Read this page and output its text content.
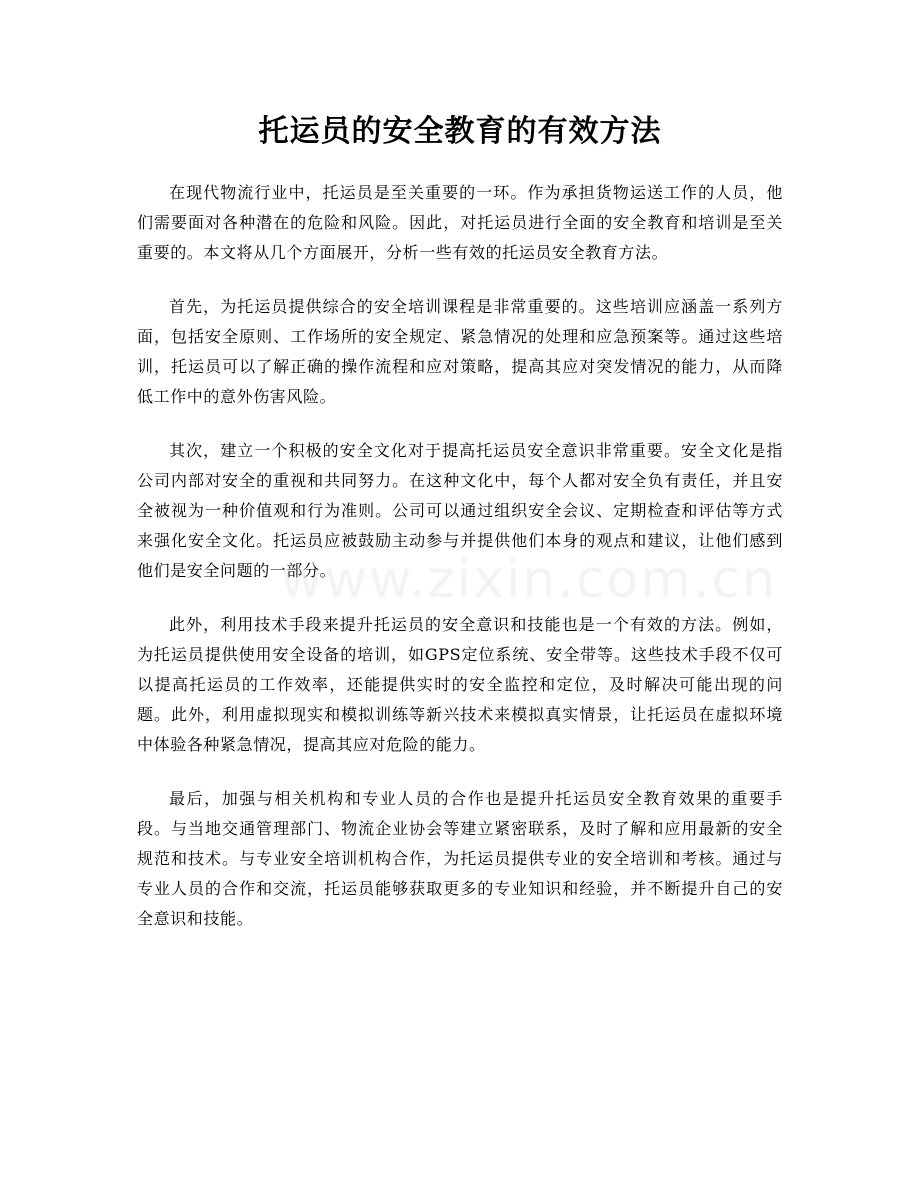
托运员的安全教育的有效方法

在现代物流行业中，托运员是至关重要的一环。作为承担货物运送工作的人员，他们需要面对各种潜在的危险和风险。因此，对托运员进行全面的安全教育和培训是至关重要的。本文将从几个方面展开，分析一些有效的托运员安全教育方法。

首先，为托运员提供综合的安全培训课程是非常重要的。这些培训应涵盖一系列方面，包括安全原则、工作场所的安全规定、紧急情况的处理和应急预案等。通过这些培训，托运员可以了解正确的操作流程和应对策略，提高其应对突发情况的能力，从而降低工作中的意外伤害风险。

其次，建立一个积极的安全文化对于提高托运员安全意识非常重要。安全文化是指公司内部对安全的重视和共同努力。在这种文化中，每个人都对安全负有责任，并且安全被视为一种价值观和行为准则。公司可以通过组织安全会议、定期检查和评估等方式来强化安全文化。托运员应被鼓励主动参与并提供他们本身的观点和建议，让他们感到他们是安全问题的一部分。

此外，利用技术手段来提升托运员的安全意识和技能也是一个有效的方法。例如，为托运员提供使用安全设备的培训，如GPS定位系统、安全带等。这些技术手段不仅可以提高托运员的工作效率，还能提供实时的安全监控和定位，及时解决可能出现的问题。此外，利用虚拟现实和模拟训练等新兴技术来模拟真实情景，让托运员在虚拟环境中体验各种紧急情况，提高其应对危险的能力。

最后，加强与相关机构和专业人员的合作也是提升托运员安全教育效果的重要手段。与当地交通管理部门、物流企业协会等建立紧密联系，及时了解和应用最新的安全规范和技术。与专业安全培训机构合作，为托运员提供专业的安全培训和考核。通过与专业人员的合作和交流，托运员能够获取更多的专业知识和经验，并不断提升自己的安全意识和技能。
